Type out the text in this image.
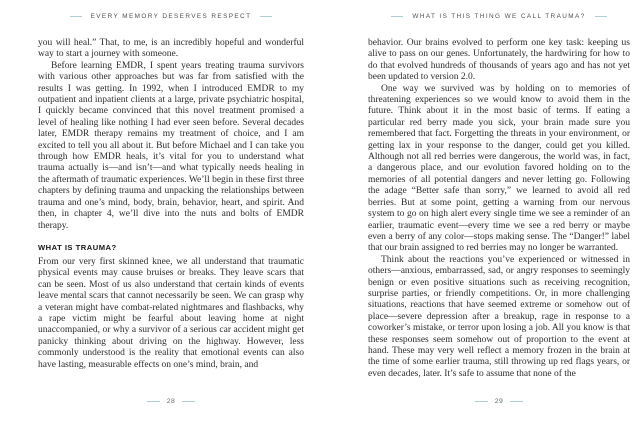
EVERY MEMORY DESERVES RESPECT

you will heal.” That, to me, is an incredibly hopeful and wonderful way to start a journey with someone.

Before learning EMDR, I spent years treating trauma survivors with various other approaches but was far from satisfied with the results I was getting. In 1992, when I introduced EMDR to my outpatient and inpatient clients at a large, private psychiatric hospital, I quickly became convinced that this novel treatment promised a level of healing like nothing I had ever seen before. Several decades later, EMDR therapy remains my treatment of choice, and I am excited to tell you all about it. But before Michael and I can take you through how EMDR heals, it’s vital for you to understand what trauma actually is—and isn’t—and what typically needs healing in the aftermath of traumatic experiences. We’ll begin in these first three chapters by defining trauma and unpacking the relationships between trauma and one’s mind, body, brain, behavior, heart, and spirit. And then, in chapter 4, we’ll dive into the nuts and bolts of EMDR therapy.

WHAT IS TRAUMA?

From our very first skinned knee, we all understand that traumatic physical events may cause bruises or breaks. They leave scars that can be seen. Most of us also understand that certain kinds of events leave mental scars that cannot necessarily be seen. We can grasp why a veteran might have combat-related nightmares and flashbacks, why a rape victim might be fearful about leaving home at night unaccompanied, or why a survivor of a serious car accident might get panicky thinking about driving on the highway. However, less commonly understood is the reality that emotional events can also have lasting, measurable effects on one’s mind, brain, and

28
WHAT IS THIS THING WE CALL TRAUMA?

behavior. Our brains evolved to perform one key task: keeping us alive to pass on our genes. Unfortunately, the hardwiring for how to do that evolved hundreds of thousands of years ago and has not yet been updated to version 2.0.

One way we survived was by holding on to memories of threatening experiences so we would know to avoid them in the future. Think about it in the most basic of terms. If eating a particular red berry made you sick, your brain made sure you remembered that fact. Forgetting the threats in your environment, or getting lax in your response to the danger, could get you killed. Although not all red berries were dangerous, the world was, in fact, a dangerous place, and our evolution favored holding on to the memories of all potential dangers and never letting go. Following the adage “Better safe than sorry,” we learned to avoid all red berries. But at some point, getting a warning from our nervous system to go on high alert every single time we see a reminder of an earlier, traumatic event—every time we see a red berry or maybe even a berry of any color—stops making sense. The “Danger!” label that our brain assigned to red berries may no longer be warranted.

Think about the reactions you’ve experienced or witnessed in others—anxious, embarrassed, sad, or angry responses to seemingly benign or even positive situations such as receiving recognition, surprise parties, or friendly competitions. Or, in more challenging situations, reactions that have seemed extreme or somehow out of place—severe depression after a breakup, rage in response to a coworker’s mistake, or terror upon losing a job. All you know is that these responses seem somehow out of proportion to the event at hand. These may very well reflect a memory frozen in the brain at the time of some earlier trauma, still throwing up red flags years, or even decades, later. It’s safe to assume that none of the

29
